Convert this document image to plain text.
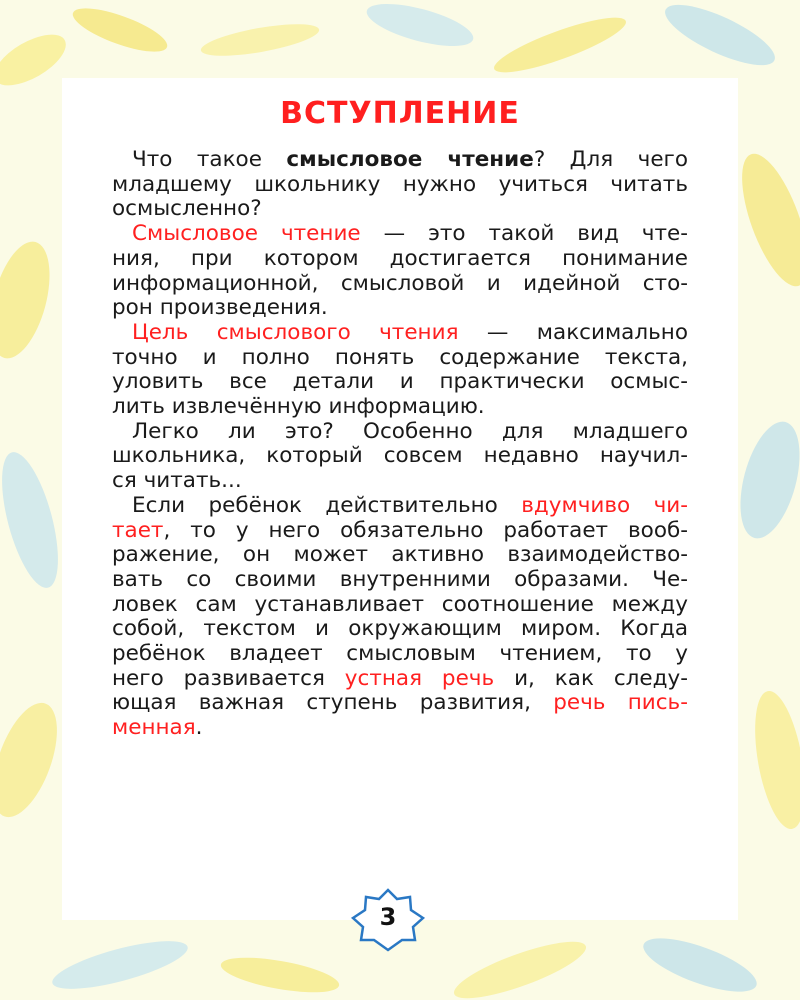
ВСТУПЛЕНИЕ
Что такое смысловое чтение? Для чего
младшему школьнику нужно учиться читать
осмысленно?
Смысловое чтение — это такой вид чте-
ния, при котором достигается понимание
информационной, смысловой и идейной сто-
рон произведения.
Цель смыслового чтения — максимально
точно и полно понять содержание текста,
уловить все детали и практически осмыс-
лить извлечённую информацию.
Легко ли это? Особенно для младшего
школьника, который совсем недавно научил-
ся читать...
Если ребёнок действительно вдумчиво чи-
тает, то у него обязательно работает вооб-
ражение, он может активно взаимодейство-
вать со своими внутренними образами. Че-
ловек сам устанавливает соотношение между
собой, текстом и окружающим миром. Когда
ребёнок владеет смысловым чтением, то у
него развивается устная речь и, как следу-
ющая важная ступень развития, речь пись-
менная.
3
